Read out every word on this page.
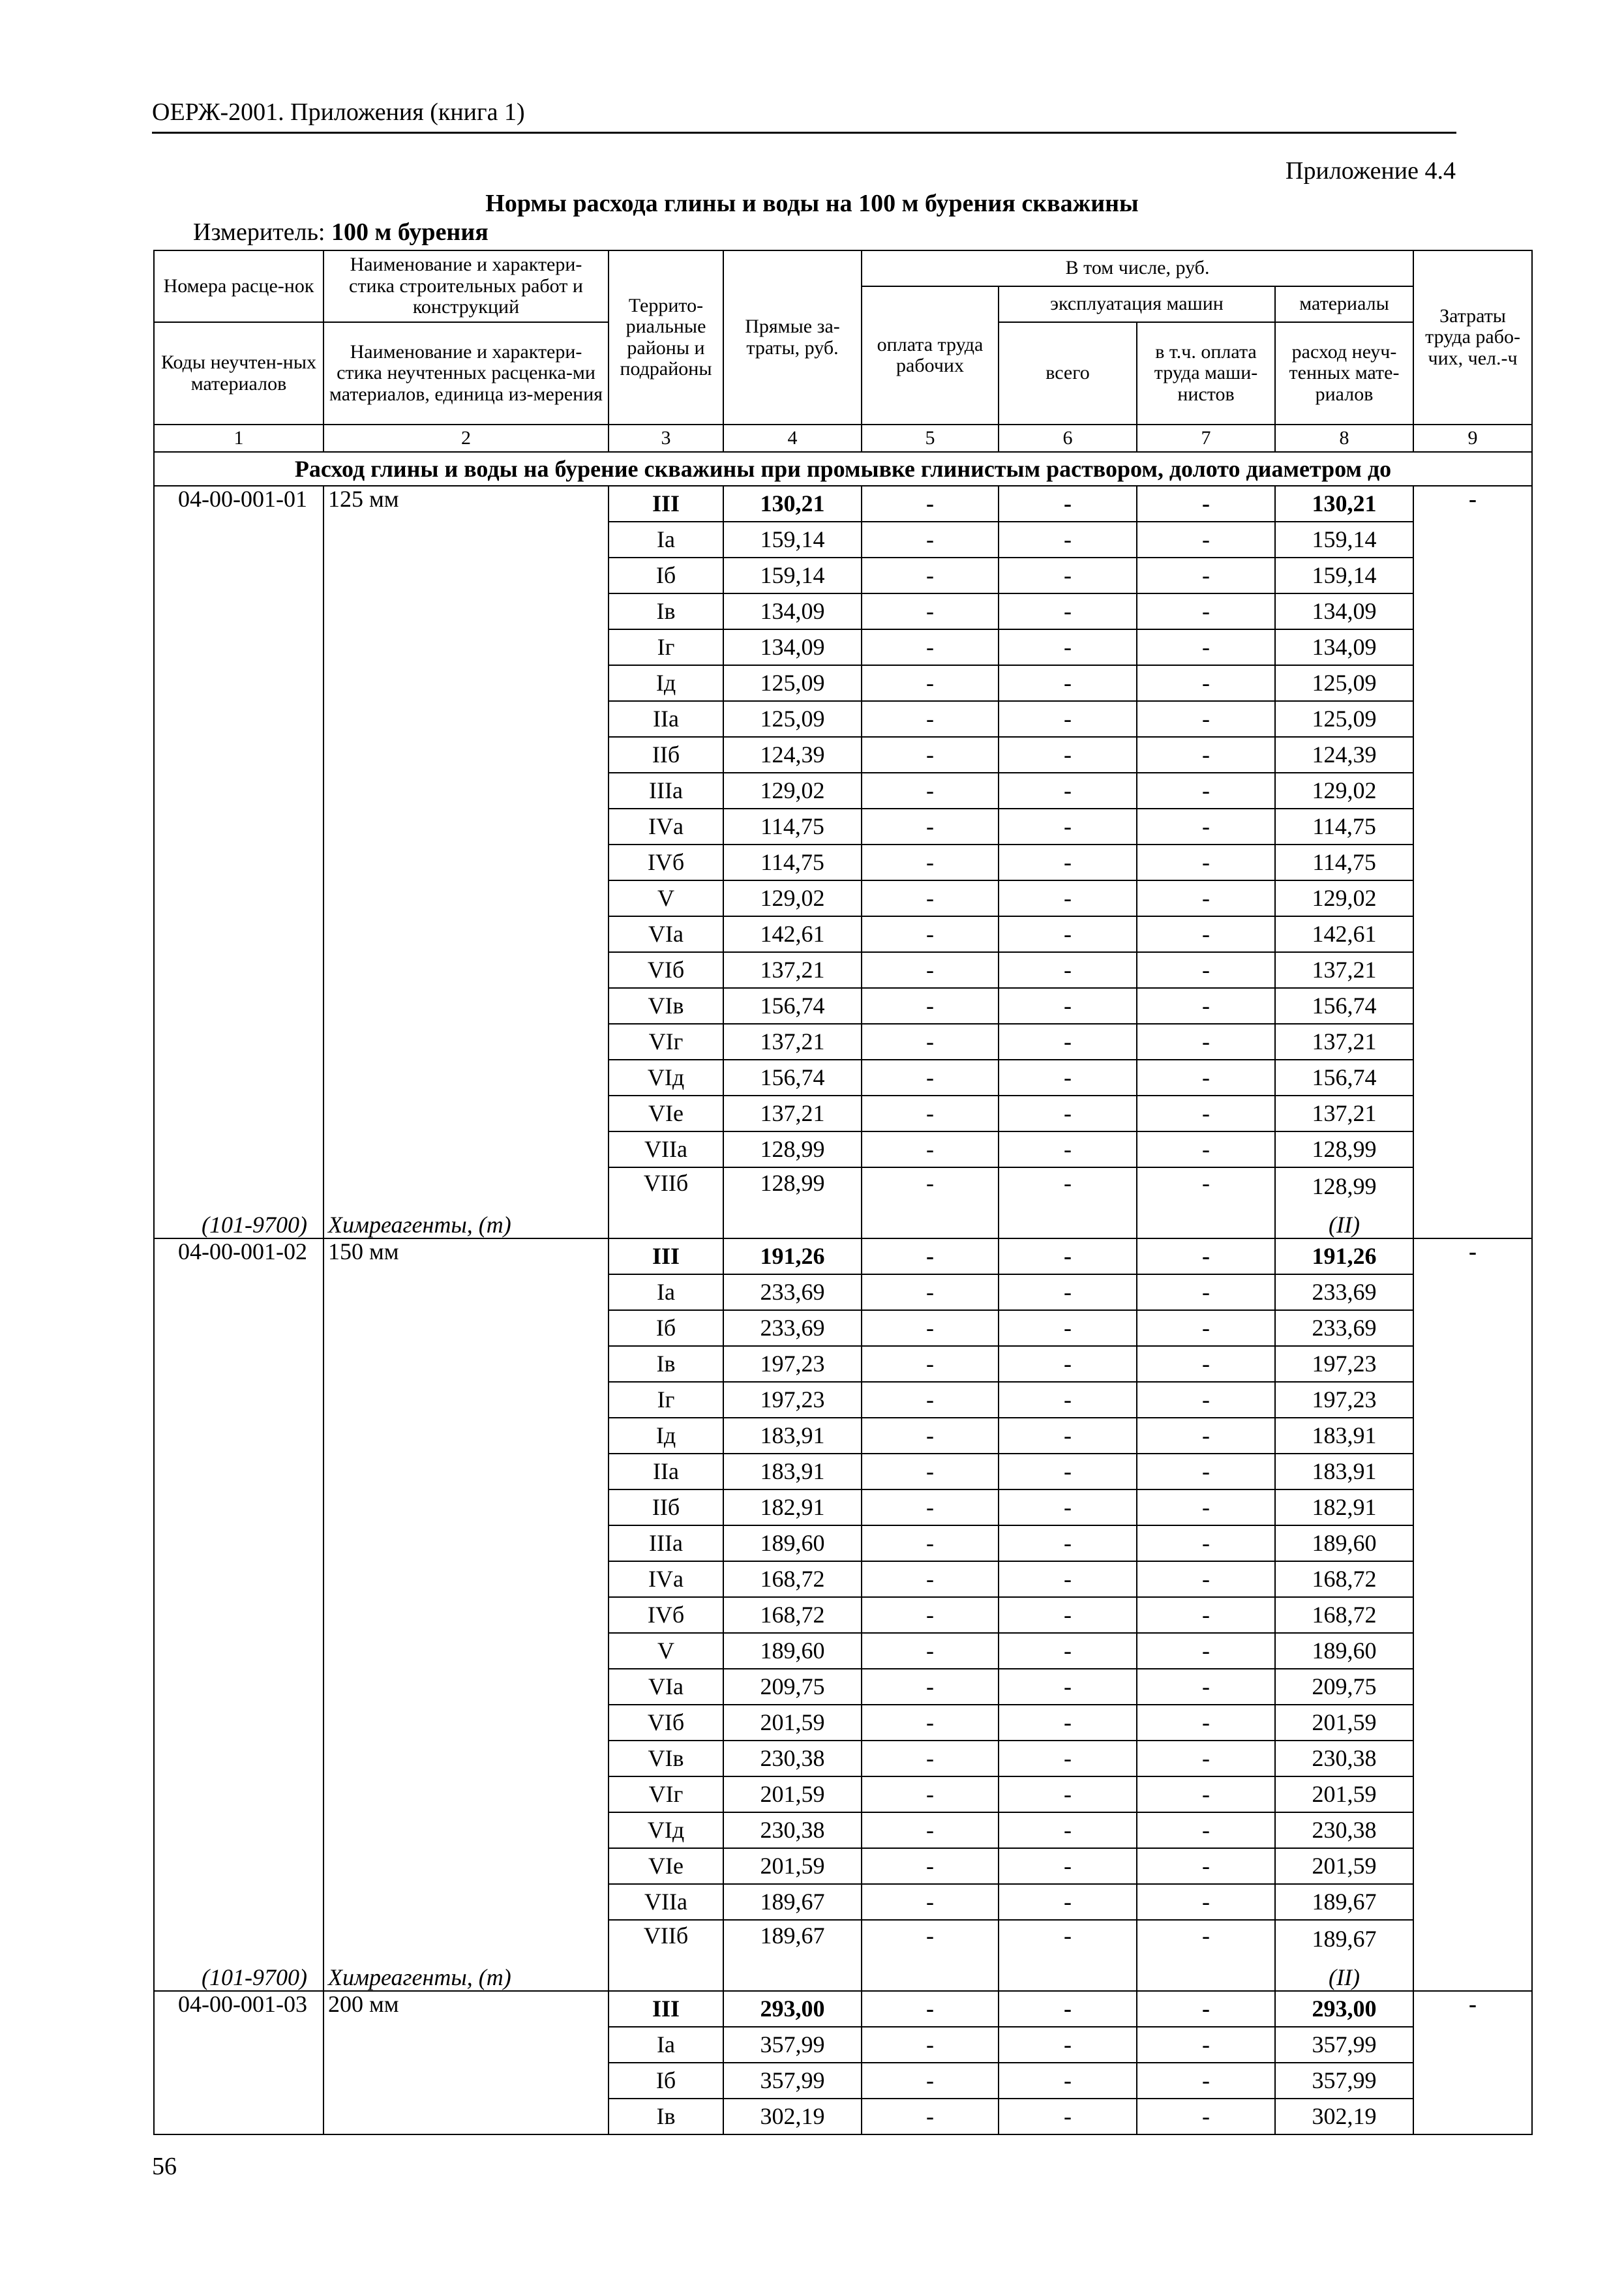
ОЕРЖ-2001. Приложения (книга 1)
Приложение 4.4
Нормы расхода глины и воды на 100 м бурения скважины
Измеритель: 100 м бурения
Номера расце-нок	Наименование и характери-стика строительных работ и конструкций	Террито-риальные районы и подрайоны	Прямые за-траты, руб.	В том числе, руб.				Затраты труда рабо-чих, чел.-ч
				оплата труда рабочих	эксплуатация машин		материалы	
Коды неучтен-ных материалов	Наименование и характери-стика неучтенных расценка-ми материалов, единица из-мерения				всего	в т.ч. оплата труда маши-нистов	расход неуч-тенных мате-риалов	

1	2	3	4	5	6	7	8	9
Расход глины и воды на бурение скважины при промывке глинистым раствором, долото диаметром до								
04-00-001-01	125 мм	III	130,21	-	-	-	130,21	-
		Iа	159,14	-	-	-	159,14	
		Iб	159,14	-	-	-	159,14	
		Iв	134,09	-	-	-	134,09	
		Iг	134,09	-	-	-	134,09	
		Iд	125,09	-	-	-	125,09	
		IIа	125,09	-	-	-	125,09	
		IIб	124,39	-	-	-	124,39	
		IIIа	129,02	-	-	-	129,02	
		IVа	114,75	-	-	-	114,75	
		IVб	114,75	-	-	-	114,75	
		V	129,02	-	-	-	129,02	
		VIа	142,61	-	-	-	142,61	
		VIб	137,21	-	-	-	137,21	
		VIв	156,74	-	-	-	156,74	
		VIг	137,21	-	-	-	137,21	
		VIд	156,74	-	-	-	156,74	
		VIе	137,21	-	-	-	137,21	
		VIIа	128,99	-	-	-	128,99	
		VIIб	128,99	-	-	-	128,99	
(101-9700)	Химреагенты, (т)						(II)	
04-00-001-02	150 мм	III	191,26	-	-	-	191,26	-
		Iа	233,69	-	-	-	233,69	
		Iб	233,69	-	-	-	233,69	
		Iв	197,23	-	-	-	197,23	
		Iг	197,23	-	-	-	197,23	
		Iд	183,91	-	-	-	183,91	
		IIа	183,91	-	-	-	183,91	
		IIб	182,91	-	-	-	182,91	
		IIIа	189,60	-	-	-	189,60	
		IVа	168,72	-	-	-	168,72	
		IVб	168,72	-	-	-	168,72	
		V	189,60	-	-	-	189,60	
		VIа	209,75	-	-	-	209,75	
		VIб	201,59	-	-	-	201,59	
		VIв	230,38	-	-	-	230,38	
		VIг	201,59	-	-	-	201,59	
		VIд	230,38	-	-	-	230,38	
		VIе	201,59	-	-	-	201,59	
		VIIа	189,67	-	-	-	189,67	
		VIIб	189,67	-	-	-	189,67	
(101-9700)	Химреагенты, (т)						(II)	
04-00-001-03	200 мм	III	293,00	-	-	-	293,00	-
		Iа	357,99	-	-	-	357,99	
		Iб	357,99	-	-	-	357,99	
		Iв	302,19	-	-	-	302,19	
56
